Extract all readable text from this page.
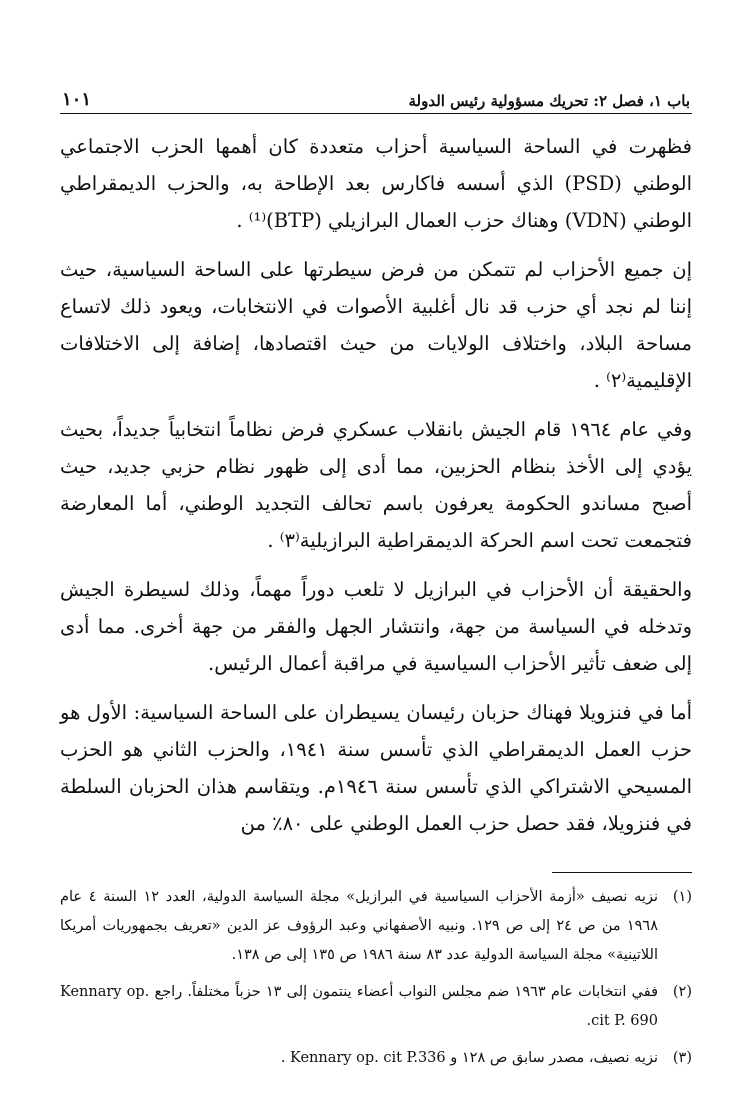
باب ١، فصل ٢: تحريك مسؤولية رئيس الدولة
١٠١

فظهرت في الساحة السياسية أحزاب متعددة كان أهمها الحزب الاجتماعي الوطني (PSD) الذي أسسه فاكارس بعد الإطاحة به، والحزب الديمقراطي الوطني (VDN) وهناك حزب العمال البرازيلي (BTP)⁽¹⁾ .

إن جميع الأحزاب لم تتمكن من فرض سيطرتها على الساحة السياسية، حيث إننا لم نجد أي حزب قد نال أغلبية الأصوات في الانتخابات، ويعود ذلك لاتساع مساحة البلاد، واختلاف الولايات من حيث اقتصادها، إضافة إلى الاختلافات الإقليمية⁽٢⁾ .

وفي عام ١٩٦٤ قام الجيش بانقلاب عسكري فرض نظاماً انتخابياً جديداً، بحيث يؤدي إلى الأخذ بنظام الحزبين، مما أدى إلى ظهور نظام حزبي جديد، حيث أصبح مساندو الحكومة يعرفون باسم تحالف التجديد الوطني، أما المعارضة فتجمعت تحت اسم الحركة الديمقراطية البرازيلية⁽٣⁾ .

والحقيقة أن الأحزاب في البرازيل لا تلعب دوراً مهماً، وذلك لسيطرة الجيش وتدخله في السياسة من جهة، وانتشار الجهل والفقر من جهة أخرى. مما أدى إلى ضعف تأثير الأحزاب السياسية في مراقبة أعمال الرئيس.

أما في فنزويلا فهناك حزبان رئيسان يسيطران على الساحة السياسية: الأول هو حزب العمل الديمقراطي الذي تأسس سنة ١٩٤١، والحزب الثاني هو الحزب المسيحي الاشتراكي الذي تأسس سنة ١٩٤٦م. ويتقاسم هذان الحزبان السلطة في فنزويلا، فقد حصل حزب العمل الوطني على ٨٠٪ من

(١)
نزيه نصيف «أزمة الأحزاب السياسية في البرازيل» مجلة السياسة الدولية، العدد ١٢ السنة ٤ عام ١٩٦٨ من ص ٢٤ إلى ص ١٢٩. ونبيه الأصفهاني وعبد الرؤوف عز الدين «تعريف بجمهوريات أمريكا اللاتينية» مجلة السياسة الدولية عدد ٨٣ سنة ١٩٨٦ ص ١٣٥ إلى ص ١٣٨.
(٢)
ففي انتخابات عام ١٩٦٣ ضم مجلس النواب أعضاء ينتمون إلى ١٣ حزباً مختلفاً. راجع Kennary op. cit P. 690.
(٣)
نزيه نصيف، مصدر سابق ص ١٢٨ و Kennary op. cit P.336 .
